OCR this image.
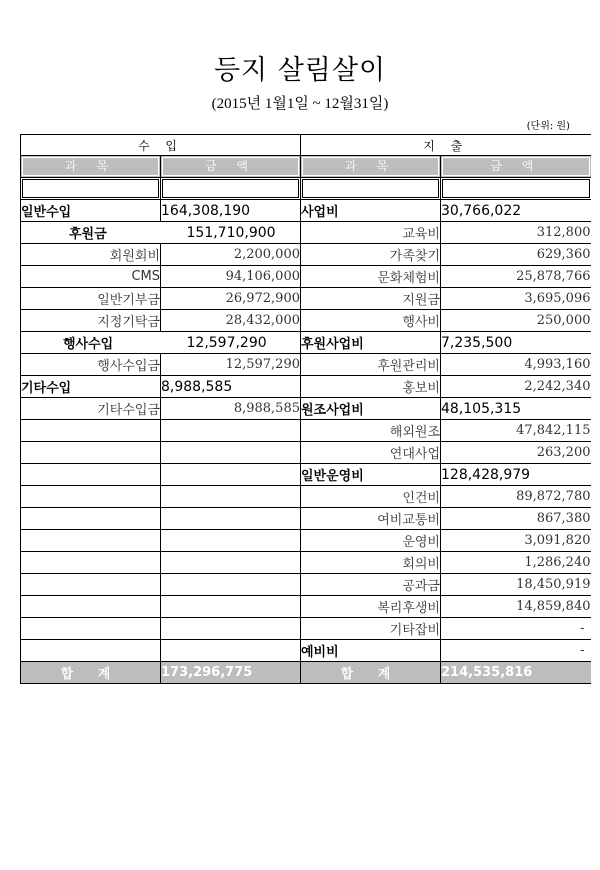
등지 살림살이
(2015년 1월1일 ~ 12월31일)
(단위: 원)
수 입		지 출	

과 목	금 액	과 목	금 액

일반수입	164,308,190	사업비	30,766,022
후원금	151,710,900	교육비	312,800
회원회비	2,200,000	가족찾기	629,360
CMS	94,106,000	문화체험비	25,878,766
일반기부금	26,972,900	지원금	3,695,096
지정기탁금	28,432,000	행사비	250,000
행사수입	12,597,290	후원사업비	7,235,500
행사수입금	12,597,290	후원관리비	4,993,160
기타수입	8,988,585	홍보비	2,242,340
기타수입금	8,988,585	원조사업비	48,105,315
		해외원조	47,842,115
		연대사업	263,200
		일반운영비	128,428,979
		인건비	89,872,780
		여비교통비	867,380
		운영비	3,091,820
		회의비	1,286,240
		공과금	18,450,919
		복리후생비	14,859,840
		기타잡비	-
		예비비	-
합 계	173,296,775	합 계	214,535,816
